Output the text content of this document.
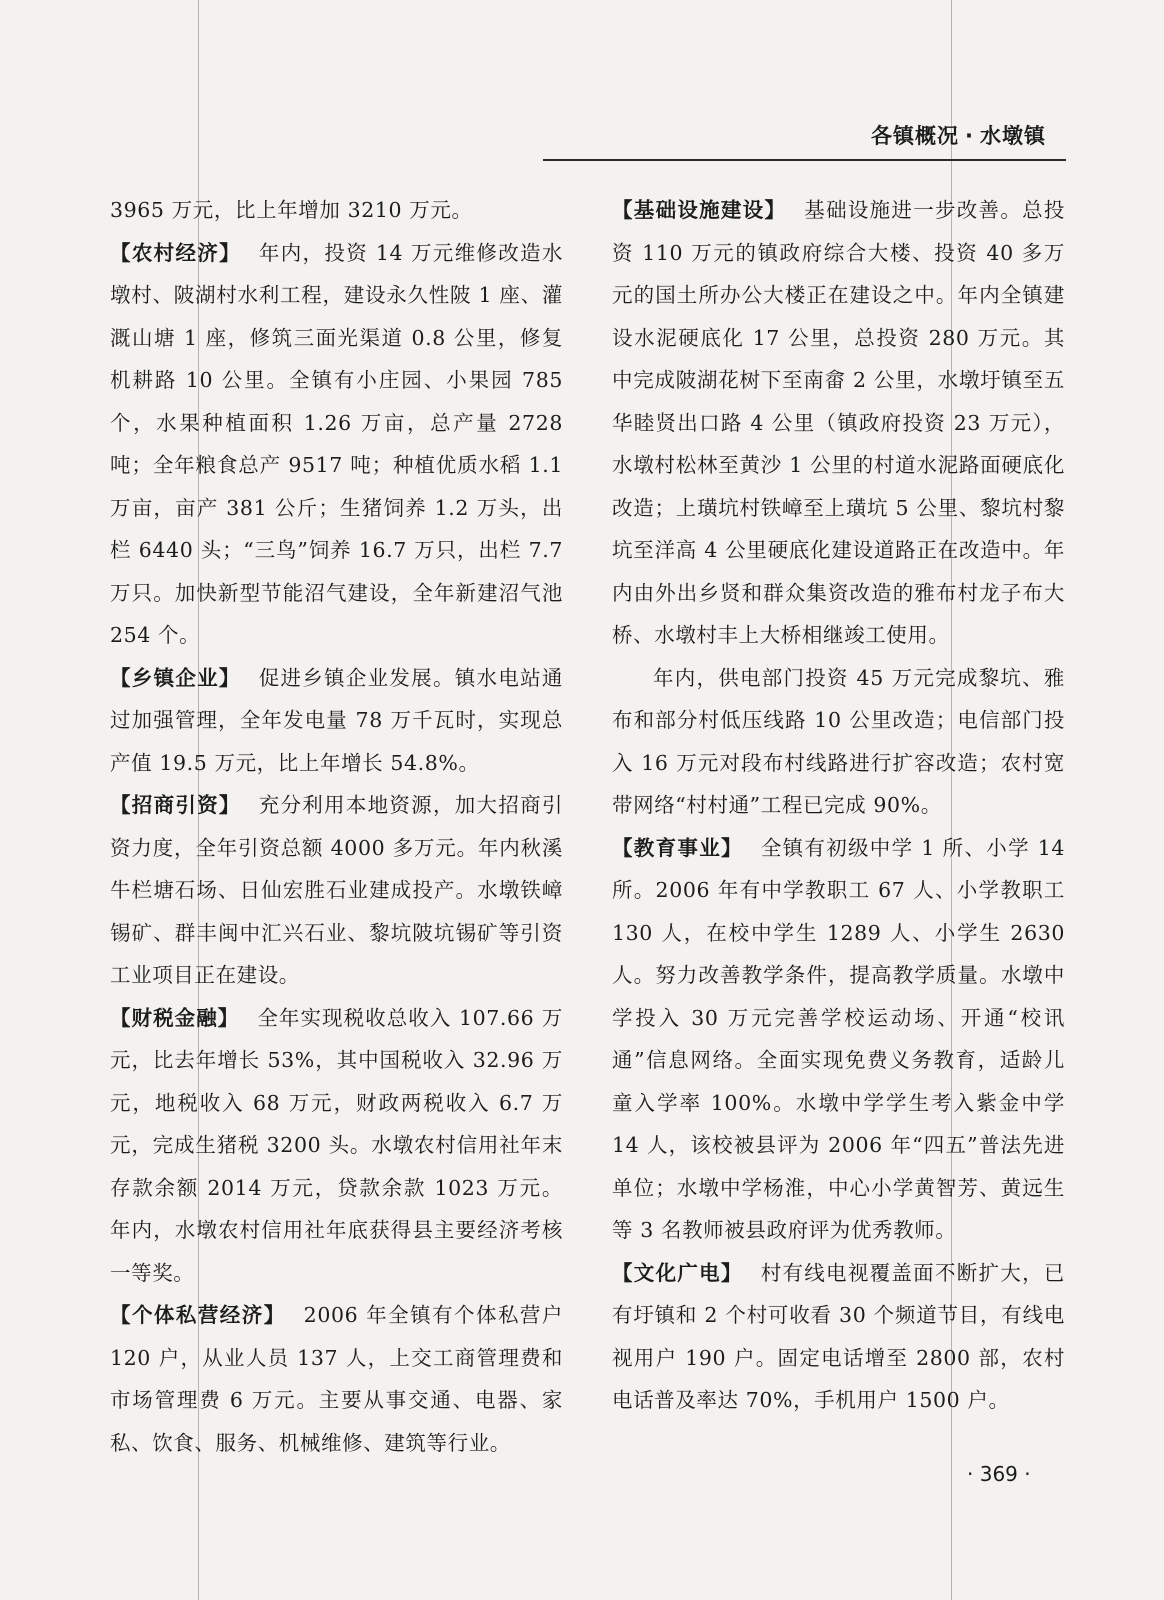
各镇概况 · 水墩镇

3965 万元，比上年增加 3210 万元。

【农村经济】 年内，投资 14 万元维修改造水墩村、陂湖村水利工程，建设永久性陂 1 座、灌溉山塘 1 座，修筑三面光渠道 0.8 公里，修复机耕路 10 公里。全镇有小庄园、小果园 785 个，水果种植面积 1.26 万亩，总产量 2728 吨；全年粮食总产 9517 吨；种植优质水稻 1.1 万亩，亩产 381 公斤；生猪饲养 1.2 万头，出栏 6440 头；“三鸟”饲养 16.7 万只，出栏 7.7 万只。加快新型节能沼气建设，全年新建沼气池 254 个。

【乡镇企业】 促进乡镇企业发展。镇水电站通过加强管理，全年发电量 78 万千瓦时，实现总产值 19.5 万元，比上年增长 54.8%。

【招商引资】 充分利用本地资源，加大招商引资力度，全年引资总额 4000 多万元。年内秋溪牛栏塘石场、日仙宏胜石业建成投产。水墩铁嶂锡矿、群丰闽中汇兴石业、黎坑陂坑锡矿等引资工业项目正在建设。

【财税金融】 全年实现税收总收入 107.66 万元，比去年增长 53%，其中国税收入 32.96 万元，地税收入 68 万元，财政两税收入 6.7 万元，完成生猪税 3200 头。水墩农村信用社年末存款余额 2014 万元，贷款余款 1023 万元。年内，水墩农村信用社年底获得县主要经济考核一等奖。

【个体私营经济】 2006 年全镇有个体私营户 120 户，从业人员 137 人，上交工商管理费和市场管理费 6 万元。主要从事交通、电器、家私、饮食、服务、机械维修、建筑等行业。

【基础设施建设】 基础设施进一步改善。总投资 110 万元的镇政府综合大楼、投资 40 多万元的国土所办公大楼正在建设之中。年内全镇建设水泥硬底化 17 公里，总投资 280 万元。其中完成陂湖花树下至南畲 2 公里，水墩圩镇至五华睦贤出口路 4 公里（镇政府投资 23 万元），水墩村松林至黄沙 1 公里的村道水泥路面硬底化改造；上璜坑村铁嶂至上璜坑 5 公里、黎坑村黎坑至洋高 4 公里硬底化建设道路正在改造中。年内由外出乡贤和群众集资改造的雅布村龙子布大桥、水墩村丰上大桥相继竣工使用。

年内，供电部门投资 45 万元完成黎坑、雅布和部分村低压线路 10 公里改造；电信部门投入 16 万元对段布村线路进行扩容改造；农村宽带网络“村村通”工程已完成 90%。

【教育事业】 全镇有初级中学 1 所、小学 14 所。2006 年有中学教职工 67 人、小学教职工 130 人，在校中学生 1289 人、小学生 2630 人。努力改善教学条件，提高教学质量。水墩中学投入 30 万元完善学校运动场、开通“校讯通”信息网络。全面实现免费义务教育，适龄儿童入学率 100%。水墩中学学生考入紫金中学 14 人，该校被县评为 2006 年“四五”普法先进单位；水墩中学杨淮，中心小学黄智芳、黄远生等 3 名教师被县政府评为优秀教师。

【文化广电】 村有线电视覆盖面不断扩大，已有圩镇和 2 个村可收看 30 个频道节目，有线电视用户 190 户。固定电话增至 2800 部，农村电话普及率达 70%，手机用户 1500 户。

· 369 ·
